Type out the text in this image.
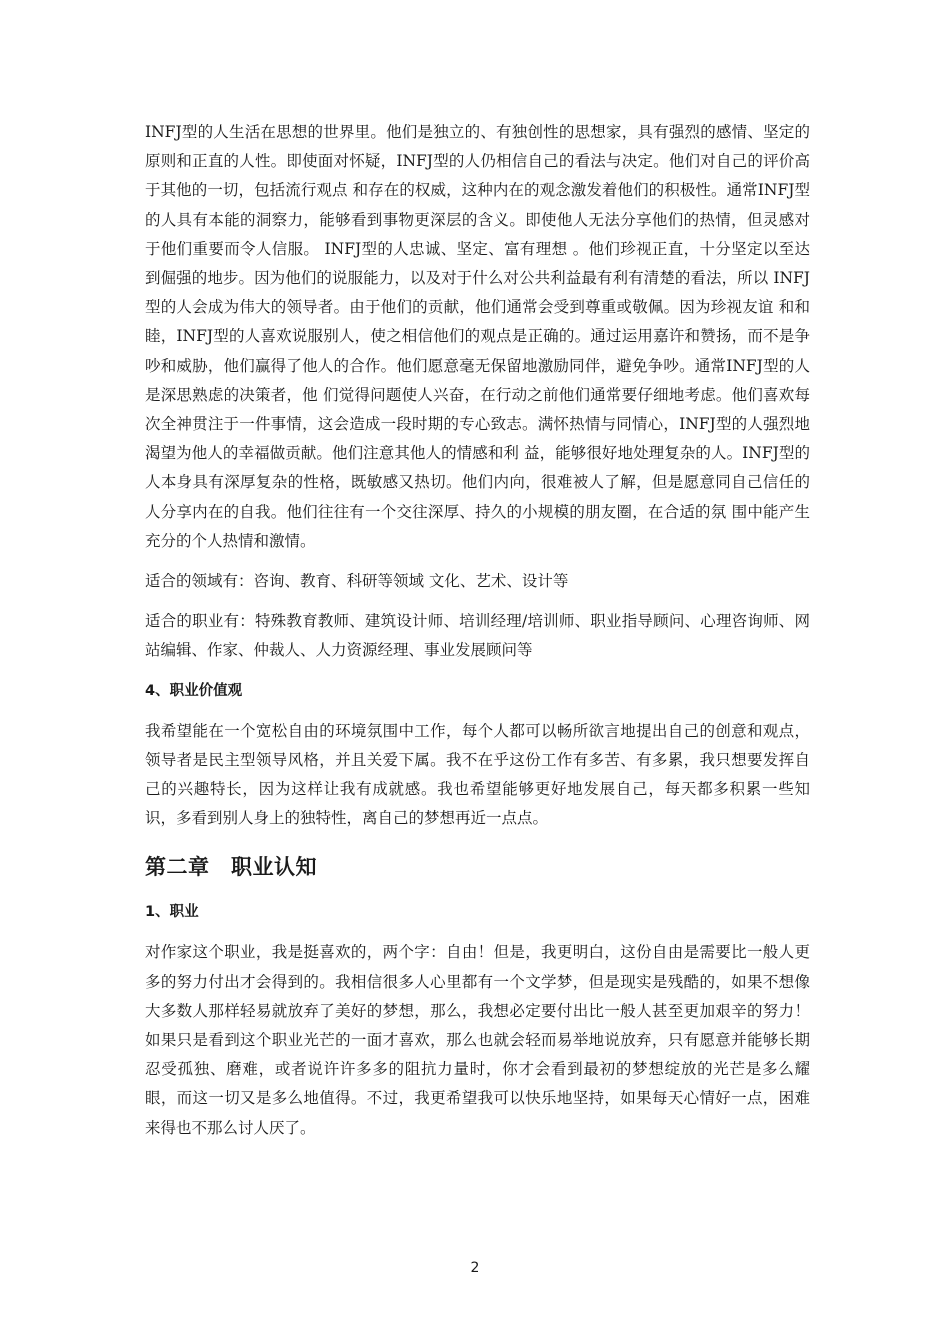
INFJ型的人生活在思想的世界里。他们是独立的、有独创性的思想家，具有强烈的感情、坚定的原则和正直的人性。即使面对怀疑，INFJ型的人仍相信自己的看法与决定。他们对自己的评价高于其他的一切，包括流行观点 和存在的权威，这种内在的观念激发着他们的积极性。通常INFJ型的人具有本能的洞察力，能够看到事物更深层的含义。即使他人无法分享他们的热情，但灵感对于他们重要而令人信服。 INFJ型的人忠诚、坚定、富有理想 。他们珍视正直，十分坚定以至达到倔强的地步。因为他们的说服能力，以及对于什么对公共利益最有利有清楚的看法，所以 INFJ型的人会成为伟大的领导者。由于他们的贡献，他们通常会受到尊重或敬佩。因为珍视友谊 和和睦，INFJ型的人喜欢说服别人，使之相信他们的观点是正确的。通过运用嘉许和赞扬，而不是争吵和威胁，他们赢得了他人的合作。他们愿意毫无保留地激励同伴，避免争吵。通常INFJ型的人是深思熟虑的决策者，他 们觉得问题使人兴奋，在行动之前他们通常要仔细地考虑。他们喜欢每次全神贯注于一件事情，这会造成一段时期的专心致志。满怀热情与同情心，INFJ型的人强烈地渴望为他人的幸福做贡献。他们注意其他人的情感和利 益，能够很好地处理复杂的人。INFJ型的人本身具有深厚复杂的性格，既敏感又热切。他们内向，很难被人了解，但是愿意同自己信任的人分享内在的自我。他们往往有一个交往深厚、持久的小规模的朋友圈，在合适的氛 围中能产生充分的个人热情和激情。

适合的领域有：咨询、教育、科研等领域 文化、艺术、设计等

适合的职业有：特殊教育教师、建筑设计师、培训经理/培训师、职业指导顾问、心理咨询师、网站编辑、作家、仲裁人、人力资源经理、事业发展顾问等

4、职业价值观

我希望能在一个宽松自由的环境氛围中工作，每个人都可以畅所欲言地提出自己的创意和观点，领导者是民主型领导风格，并且关爱下属。我不在乎这份工作有多苦、有多累，我只想要发挥自己的兴趣特长，因为这样让我有成就感。我也希望能够更好地发展自己，每天都多积累一些知识，多看到别人身上的独特性，离自己的梦想再近一点点。

第二章　职业认知
1、职业

对作家这个职业，我是挺喜欢的，两个字：自由！但是，我更明白，这份自由是需要比一般人更多的努力付出才会得到的。我相信很多人心里都有一个文学梦，但是现实是残酷的，如果不想像大多数人那样轻易就放弃了美好的梦想，那么，我想必定要付出比一般人甚至更加艰辛的努力！如果只是看到这个职业光芒的一面才喜欢，那么也就会轻而易举地说放弃，只有愿意并能够长期忍受孤独、磨难，或者说许许多多的阻抗力量时，你才会看到最初的梦想绽放的光芒是多么耀眼，而这一切又是多么地值得。不过，我更希望我可以快乐地坚持，如果每天心情好一点，困难来得也不那么讨人厌了。

2
